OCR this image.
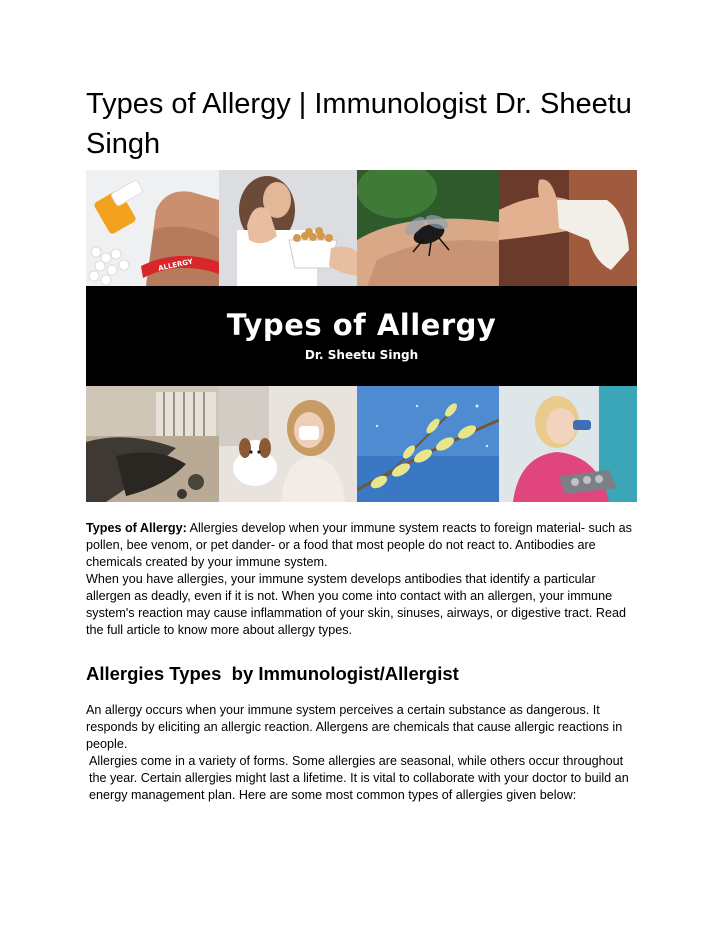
Types of Allergy | Immunologist Dr. Sheetu Singh
ALLERGY
Types of Allergy
Dr. Sheetu Singh

Types of Allergy: Allergies develop when your immune system reacts to foreign material- such as pollen, bee venom, or pet dander- or a food that most people do not react to. Antibodies are chemicals created by your immune system.

When you have allergies, your immune system develops antibodies that identify a particular allergen as deadly, even if it is not. When you come into contact with an allergen, your immune system's reaction may cause inflammation of your skin, sinuses, airways, or digestive tract. Read the full article to know more about allergy types.

Allergies Types  by Immunologist/Allergist

An allergy occurs when your immune system perceives a certain substance as dangerous. It responds by eliciting an allergic reaction. Allergens are chemicals that cause allergic reactions in people.

Allergies come in a variety of forms. Some allergies are seasonal, while others occur throughout the year. Certain allergies might last a lifetime. It is vital to collaborate with your doctor to build an energy management plan. Here are some most common types of allergies given below:
